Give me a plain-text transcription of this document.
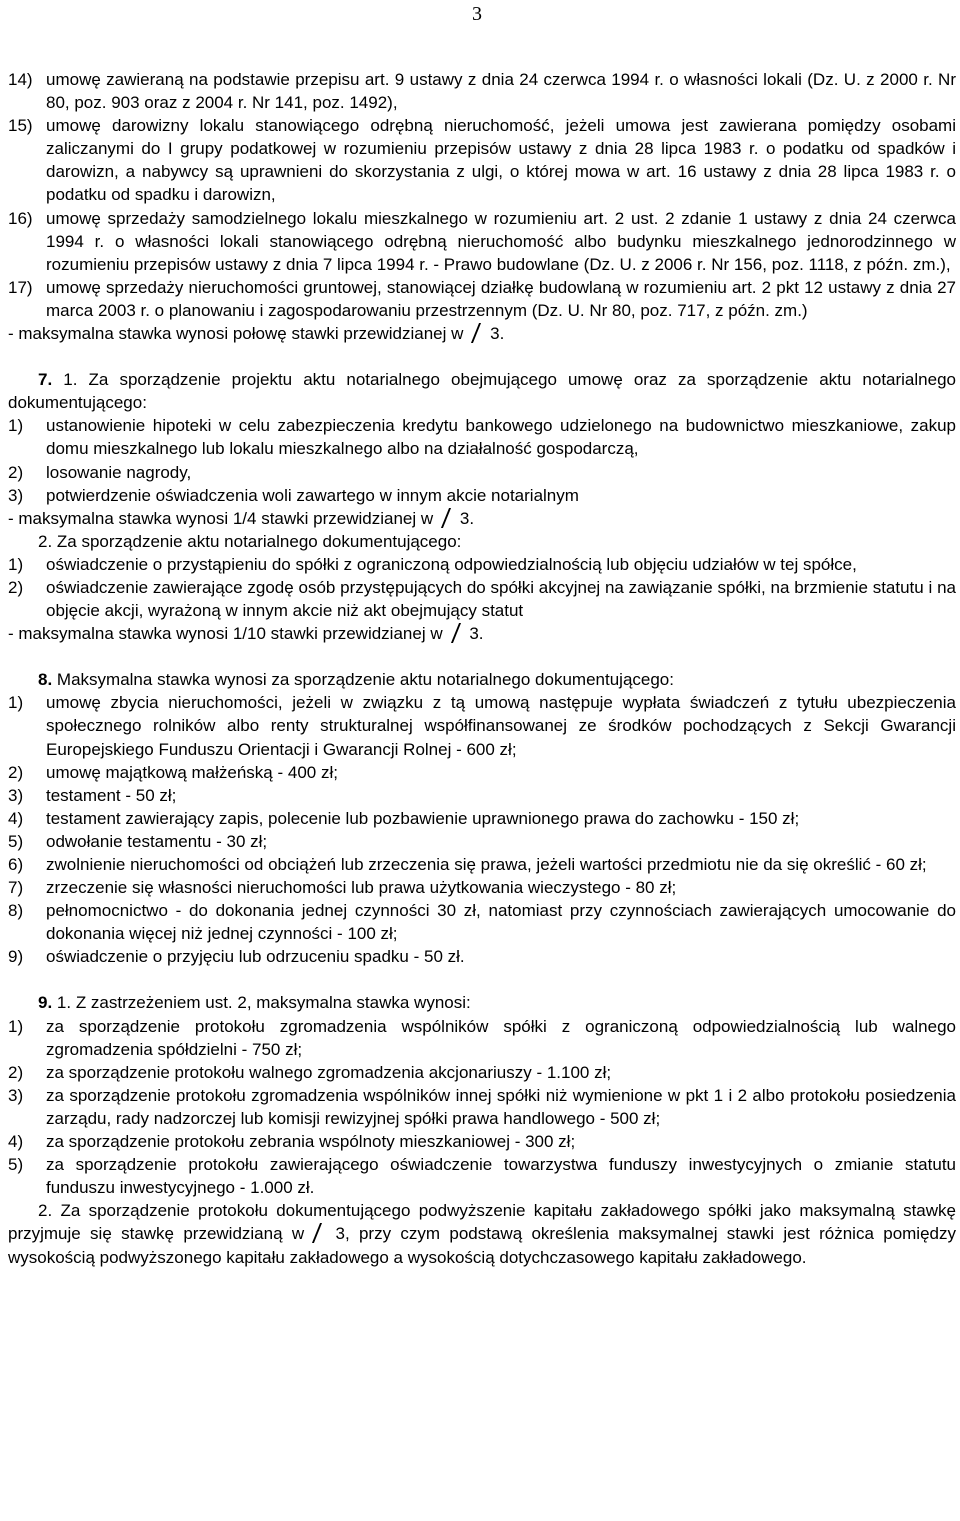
3
14) umowę zawieraną na podstawie przepisu art. 9 ustawy z dnia 24 czerwca 1994 r. o własności lokali (Dz. U. z 2000 r. Nr 80, poz. 903 oraz z 2004 r. Nr 141, poz. 1492),
15) umowę darowizny lokalu stanowiącego odrębną nieruchomość, jeżeli umowa jest zawierana pomiędzy osobami zaliczanymi do I grupy podatkowej w rozumieniu przepisów ustawy z dnia 28 lipca 1983 r. o podatku od spadków i darowizn, a nabywcy są uprawnieni do skorzystania z ulgi, o której mowa w art. 16 ustawy z dnia 28 lipca 1983 r. o podatku od spadku i darowizn,
16) umowę sprzedaży samodzielnego lokalu mieszkalnego w rozumieniu art. 2 ust. 2 zdanie 1 ustawy z dnia 24 czerwca 1994 r. o własności lokali stanowiącego odrębną nieruchomość albo budynku mieszkalnego jednorodzinnego w rozumieniu przepisów ustawy z dnia 7 lipca 1994 r. - Prawo budowlane (Dz. U. z 2006 r. Nr 156, poz. 1118, z późn. zm.),
17) umowę sprzedaży nieruchomości gruntowej, stanowiącej działkę budowlaną w rozumieniu art. 2 pkt 12 ustawy z dnia 27 marca 2003 r. o planowaniu i zagospodarowaniu przestrzennym (Dz. U. Nr 80, poz. 717, z późn. zm.)
- maksymalna stawka wynosi połowę stawki przewidzianej w 3.
7. 1. Za sporządzenie projektu aktu notarialnego obejmującego umowę oraz za sporządzenie aktu notarialnego dokumentującego:
1)	ustanowienie hipoteki w celu zabezpieczenia kredytu bankowego udzielonego na budownictwo mieszkaniowe, zakup domu mieszkalnego lub lokalu mieszkalnego albo na działalność gospodarczą,
2)	losowanie nagrody,
3)	potwierdzenie oświadczenia woli zawartego w innym akcie notarialnym
- maksymalna stawka wynosi 1/4 stawki przewidzianej w 3.
2. Za sporządzenie aktu notarialnego dokumentującego:
1)	oświadczenie o przystąpieniu do spółki z ograniczoną odpowiedzialnością lub objęciu udziałów w tej spółce,
2)	oświadczenie zawierające zgodę osób przystępujących do spółki akcyjnej na zawiązanie spółki, na brzmienie statutu i na objęcie akcji, wyrażoną w innym akcie niż akt obejmujący statut
- maksymalna stawka wynosi 1/10 stawki przewidzianej w 3.
8. Maksymalna stawka wynosi za sporządzenie aktu notarialnego dokumentującego:
1)	umowę zbycia nieruchomości, jeżeli w związku z tą umową następuje wypłata świadczeń z tytułu ubezpieczenia społecznego rolników albo renty strukturalnej współfinansowanej ze środków pochodzących z Sekcji Gwarancji Europejskiego Funduszu Orientacji i Gwarancji Rolnej - 600 zł;
2)	umowę majątkową małżeńską - 400 zł;
3)	testament - 50 zł;
4)	testament zawierający zapis, polecenie lub pozbawienie uprawnionego prawa do zachowku - 150 zł;
5)	odwołanie testamentu - 30 zł;
6)	zwolnienie nieruchomości od obciążeń lub zrzeczenia się prawa, jeżeli wartości przedmiotu nie da się określić - 60 zł;
7)	zrzeczenie się własności nieruchomości lub prawa użytkowania wieczystego - 80 zł;
8)	pełnomocnictwo - do dokonania jednej czynności 30 zł, natomiast przy czynnościach zawierających umocowanie do dokonania więcej niż jednej czynności - 100 zł;
9)	oświadczenie o przyjęciu lub odrzuceniu spadku - 50 zł.
9. 1. Z zastrzeżeniem ust. 2, maksymalna stawka wynosi:
1)	za sporządzenie protokołu zgromadzenia wspólników spółki z ograniczoną odpowiedzialnością lub walnego zgromadzenia spółdzielni - 750 zł;
2)	za sporządzenie protokołu walnego zgromadzenia akcjonariuszy - 1.100 zł;
3)	za sporządzenie protokołu zgromadzenia wspólników innej spółki niż wymienione w pkt 1 i 2 albo protokołu posiedzenia zarządu, rady nadzorczej lub komisji rewizyjnej spółki prawa handlowego - 500 zł;
4)	za sporządzenie protokołu zebrania wspólnoty mieszkaniowej - 300 zł;
5)	za sporządzenie protokołu zawierającego oświadczenie towarzystwa funduszy inwestycyjnych o zmianie statutu funduszu inwestycyjnego - 1.000 zł.
2. Za sporządzenie protokołu dokumentującego podwyższenie kapitału zakładowego spółki jako maksymalną stawkę przyjmuje się stawkę przewidzianą w 3, przy czym podstawą określenia maksymalnej stawki jest różnica pomiędzy wysokością podwyższonego kapitału zakładowego a wysokością dotychczasowego kapitału zakładowego.
